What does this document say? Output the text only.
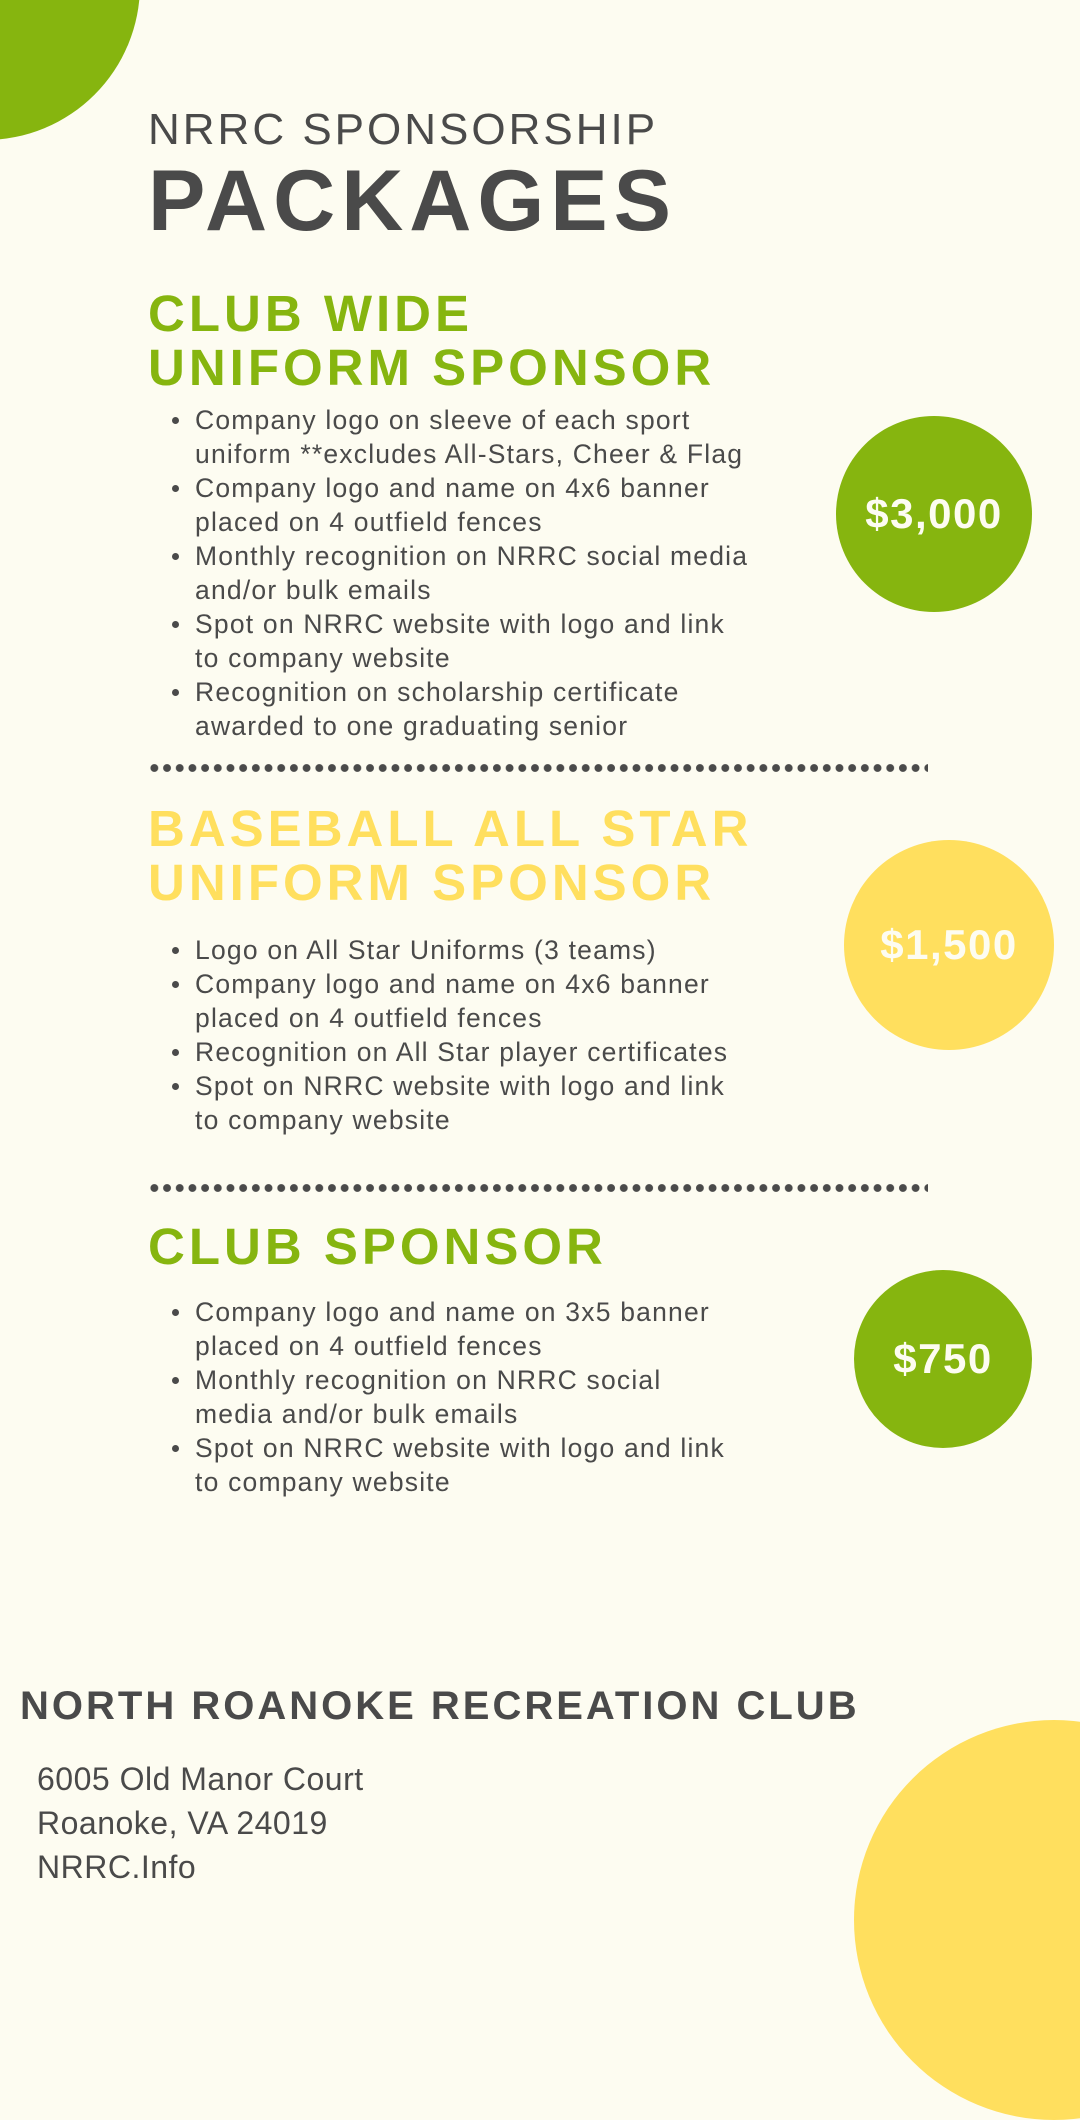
NRRC SPONSORSHIP
PACKAGES
CLUB WIDE
UNIFORM SPONSOR
Company logo on sleeve of each sport
uniform **excludes All-Stars, Cheer & Flag
Company logo and name on 4x6 banner
placed on 4 outfield fences
Monthly recognition on NRRC social media
and/or bulk emails
Spot on NRRC website with logo and link
to company website
Recognition on scholarship certificate
awarded to one graduating senior
$3,000
BASEBALL ALL STAR
UNIFORM SPONSOR
Logo on All Star Uniforms (3 teams)
Company logo and name on 4x6 banner
placed on 4 outfield fences
Recognition on All Star player certificates
Spot on NRRC website with logo and link
to company website
$1,500
CLUB SPONSOR
Company logo and name on 3x5 banner
placed on 4 outfield fences
Monthly recognition on NRRC social
media and/or bulk emails
Spot on NRRC website with logo and link
to company website
$750
NORTH ROANOKE RECREATION CLUB
6005 Old Manor Court
Roanoke, VA 24019
NRRC.Info
